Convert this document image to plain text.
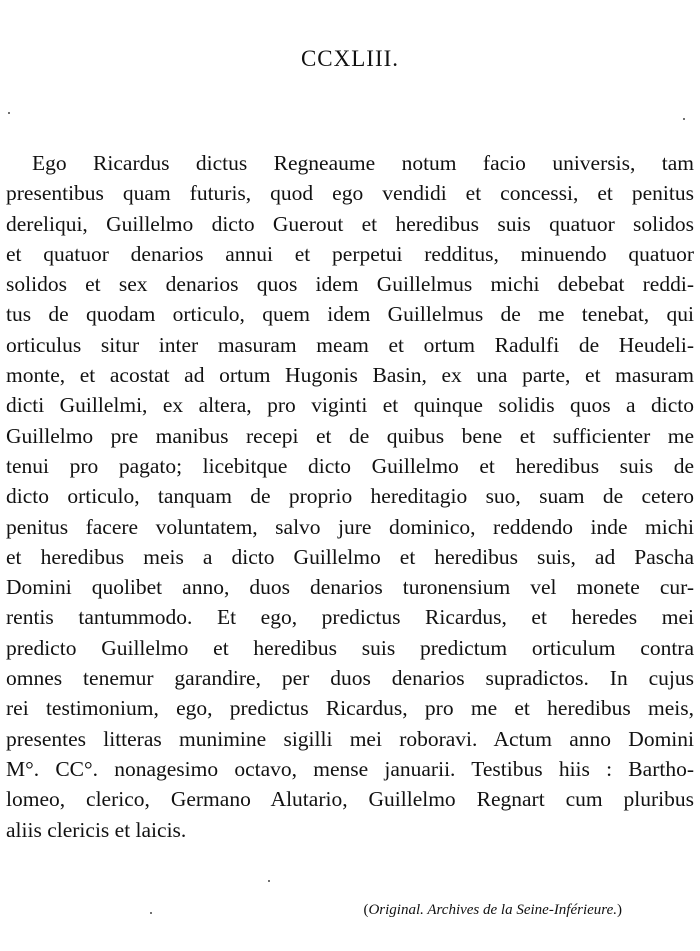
CCXLIII.
Ego Ricardus dictus Regneaume notum facio universis, tam
presentibus quam futuris, quod ego vendidi et concessi, et penitus
dereliqui, Guillelmo dicto Guerout et heredibus suis quatuor solidos
et quatuor denarios annui et perpetui redditus, minuendo quatuor
solidos et sex denarios quos idem Guillelmus michi debebat reddi-
tus de quodam orticulo, quem idem Guillelmus de me tenebat, qui
orticulus situr inter masuram meam et ortum Radulfi de Heudeli-
monte, et acostat ad ortum Hugonis Basin, ex una parte, et masuram
dicti Guillelmi, ex altera, pro viginti et quinque solidis quos a dicto
Guillelmo pre manibus recepi et de quibus bene et sufficienter me
tenui pro pagato; licebitque dicto Guillelmo et heredibus suis de
dicto orticulo, tanquam de proprio hereditagio suo, suam de cetero
penitus facere voluntatem, salvo jure dominico, reddendo inde michi
et heredibus meis a dicto Guillelmo et heredibus suis, ad Pascha
Domini quolibet anno, duos denarios turonensium vel monete cur-
rentis tantummodo. Et ego, predictus Ricardus, et heredes mei
predicto Guillelmo et heredibus suis predictum orticulum contra
omnes tenemur garandire, per duos denarios supradictos. In cujus
rei testimonium, ego, predictus Ricardus, pro me et heredibus meis,
presentes litteras munimine sigilli mei roboravi. Actum anno Domini
M°. CC°. nonagesimo octavo, mense januarii. Testibus hiis : Bartho-
lomeo, clerico, Germano Alutario, Guillelmo Regnart cum pluribus
aliis clericis et laicis.
(Original. Archives de la Seine-Inférieure.)
